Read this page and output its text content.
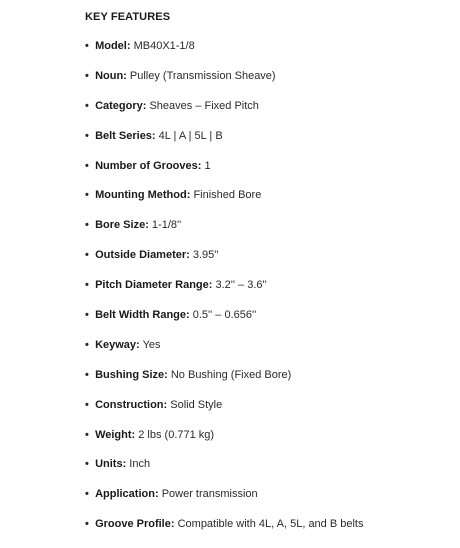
KEY FEATURES
• Model: MB40X1-1/8
• Noun: Pulley (Transmission Sheave)
• Category: Sheaves – Fixed Pitch
• Belt Series: 4L | A | 5L | B
• Number of Grooves: 1
• Mounting Method: Finished Bore
• Bore Size: 1-1/8''
• Outside Diameter: 3.95''
• Pitch Diameter Range: 3.2'' – 3.6''
• Belt Width Range: 0.5'' – 0.656''
• Keyway: Yes
• Bushing Size: No Bushing (Fixed Bore)
• Construction: Solid Style
• Weight: 2 lbs (0.771 kg)
• Units: Inch
• Application: Power transmission
• Groove Profile: Compatible with 4L, A, 5L, and B belts
